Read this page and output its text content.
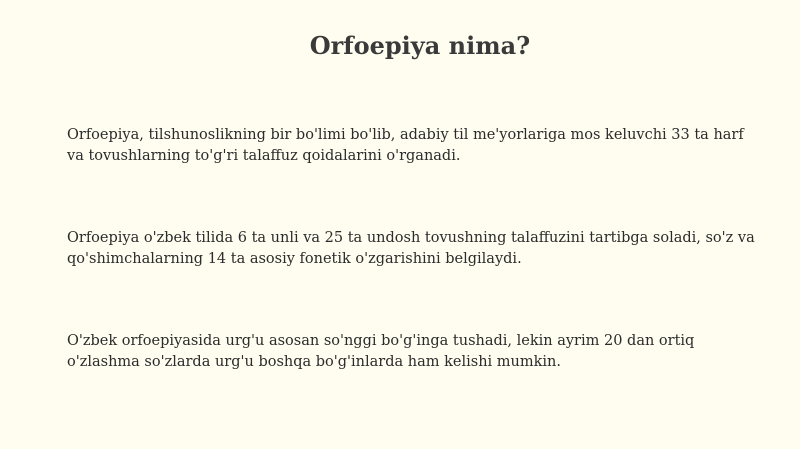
Orfoepiya nima?

Orfoepiya, tilshunoslikning bir bo'limi bo'lib, adabiy til me'yorlariga mos keluvchi 33 ta harf va tovushlarning to'g'ri talaffuz qoidalarini o'rganadi.

Orfoepiya o'zbek tilida 6 ta unli va 25 ta undosh tovushning talaffuzini tartibga soladi, so'z va qo'shimchalarning 14 ta asosiy fonetik o'zgarishini belgilaydi.

O'zbek orfoepiyasida urg'u asosan so'nggi bo'g'inga tushadi, lekin ayrim 20 dan ortiq o'zlashma so'zlarda urg'u boshqa bo'g'inlarda ham kelishi mumkin.
